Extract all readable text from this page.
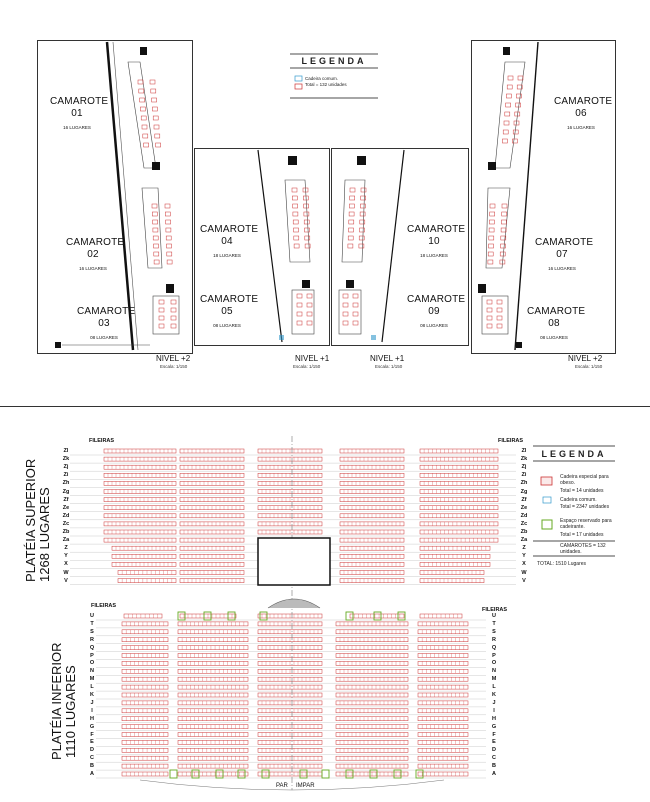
LEGENDA
Cadeira comum.
Total = 132 unidades
CAMAROTE
01
16 LUGARES
CAMAROTE
02
16 LUGARES
CAMAROTE
03
08 LUGARES
CAMAROTE
04
18 LUGARES
CAMAROTE
05
08 LUGARES
CAMAROTE
10
18 LUGARES
CAMAROTE
09
08 LUGARES
CAMAROTE
06
16 LUGARES
CAMAROTE
07
16 LUGARES
CAMAROTE
08
08 LUGARES
NIVEL +2	NIVEL +1	NIVEL +1	NIVEL +2
Escala: 1/150	Escala: 1/150	Escala: 1/150	Escala: 1/150
PLATÉIA SUPERIOR 1268 LUGARES
PLATÉIA INFERIOR 1110 LUGARES
FILEIRAS	FILEIRAS
FILEIRAS
FILEIRAS
Zl	Zl
Zk	Zk
Zj	Zj
Zi	Zi
Zh	Zh
Zg	Zg
Zf	Zf
Ze	Ze
Zd	Zd
Zc	Zc
Zb	Zb
Za	Za
Z	Z
Y	Y
X	X
W	W
V	V
U	U
T	T
S	S
R	R
Q	Q
P	P
O	O
N	N
M	M
L	L
K	K
J	J
I	I
H	H
G	G
F	F
E	E
D	D
C	C
B	B
A	A
LEGENDA
Cadeira especial para
obeso.
Total = 14 unidades
Cadeira comum.
Total = 2347 unidades
Espaço reservado para
cadeirante.
Total = 17 unidades
CAMAROTES = 132
unidades.
TOTAL: 1510 Lugares
PAR IMPAR
